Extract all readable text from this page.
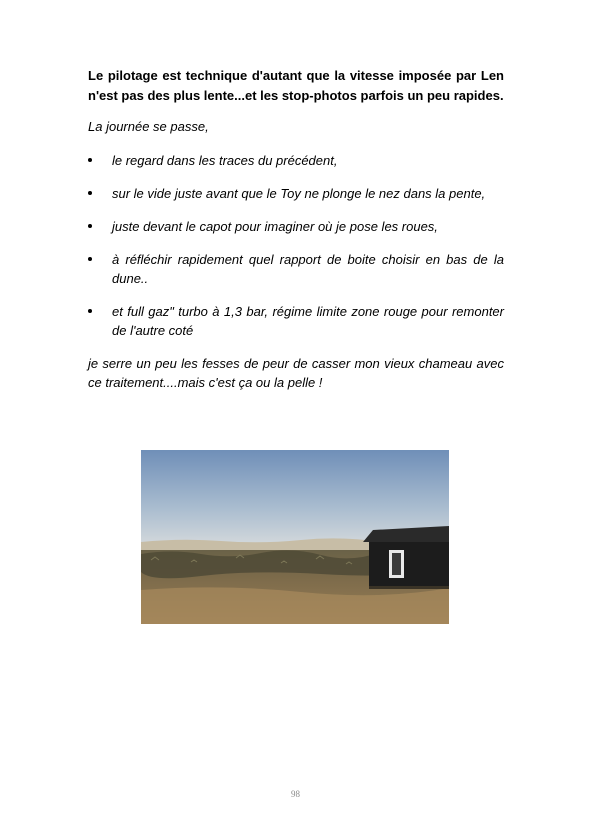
Le pilotage est technique d'autant que la vitesse imposée par Len n'est pas des plus lente...et les stop-photos parfois un peu rapides.

La journée se passe,

le regard dans les traces du précédent,
sur le vide juste avant que le Toy ne plonge le nez dans la pente,
juste devant le capot pour imaginer où je pose les roues,
à réfléchir rapidement quel rapport de boite choisir en bas de la dune..
et full gaz" turbo à 1,3 bar, régime limite zone rouge pour remonter de l'autre coté

je serre un peu les fesses de peur de casser mon vieux chameau avec ce traitement....mais c'est ça ou la pelle !

98
